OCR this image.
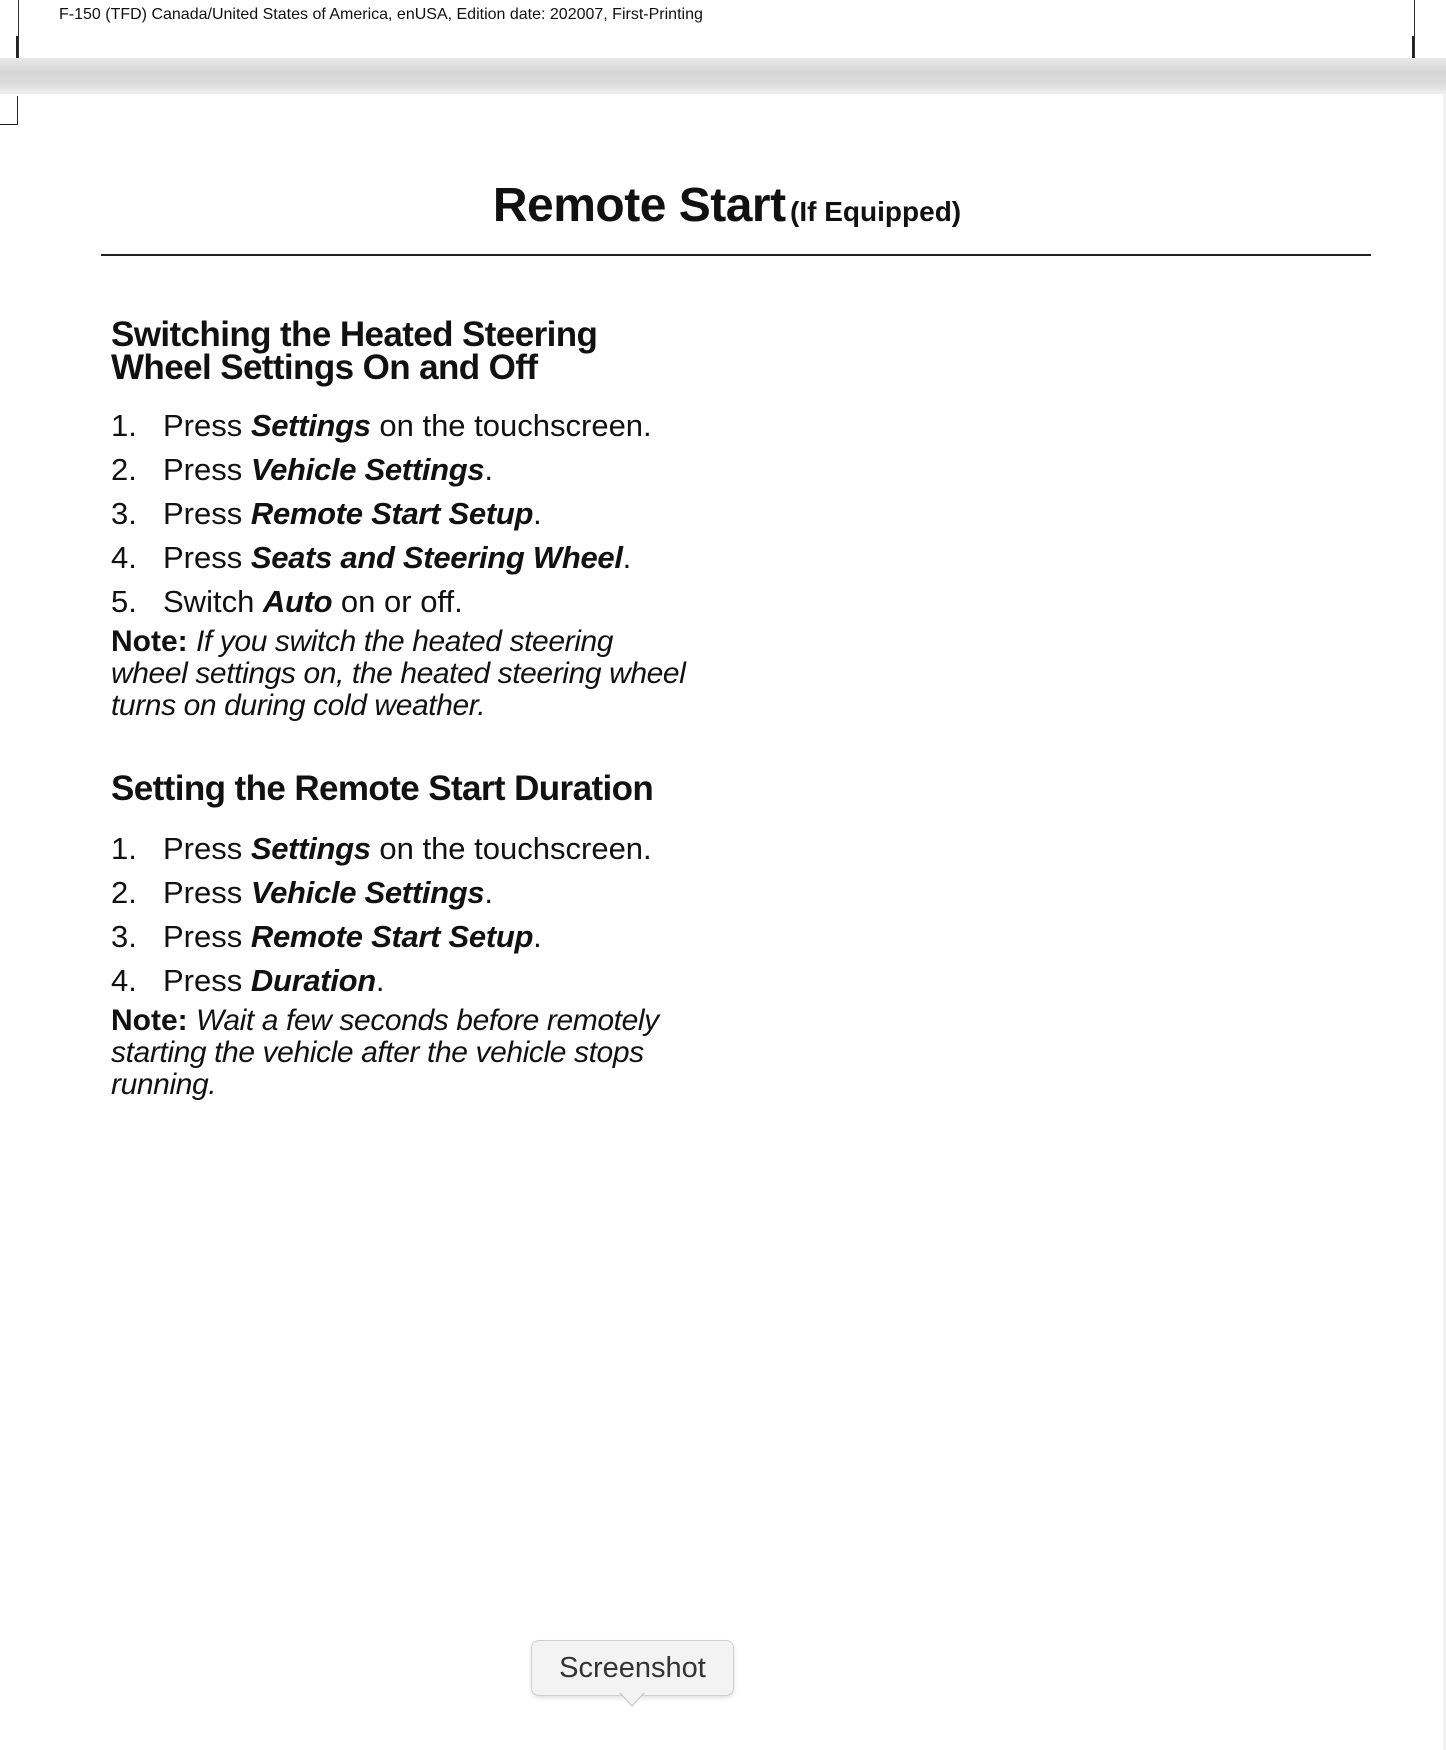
F-150 (TFD) Canada/United States of America, enUSA, Edition date: 202007, First-Printing
Remote Start (If Equipped)
Switching the Heated Steering
Wheel Settings On and Off
1. Press Settings on the touchscreen.
2. Press Vehicle Settings.
3. Press Remote Start Setup.
4. Press Seats and Steering Wheel.
5. Switch Auto on or off.
Note: If you switch the heated steering
wheel settings on, the heated steering wheel
turns on during cold weather.
Setting the Remote Start Duration
1. Press Settings on the touchscreen.
2. Press Vehicle Settings.
3. Press Remote Start Setup.
4. Press Duration.
Note: Wait a few seconds before remotely
starting the vehicle after the vehicle stops
running.
Screenshot
